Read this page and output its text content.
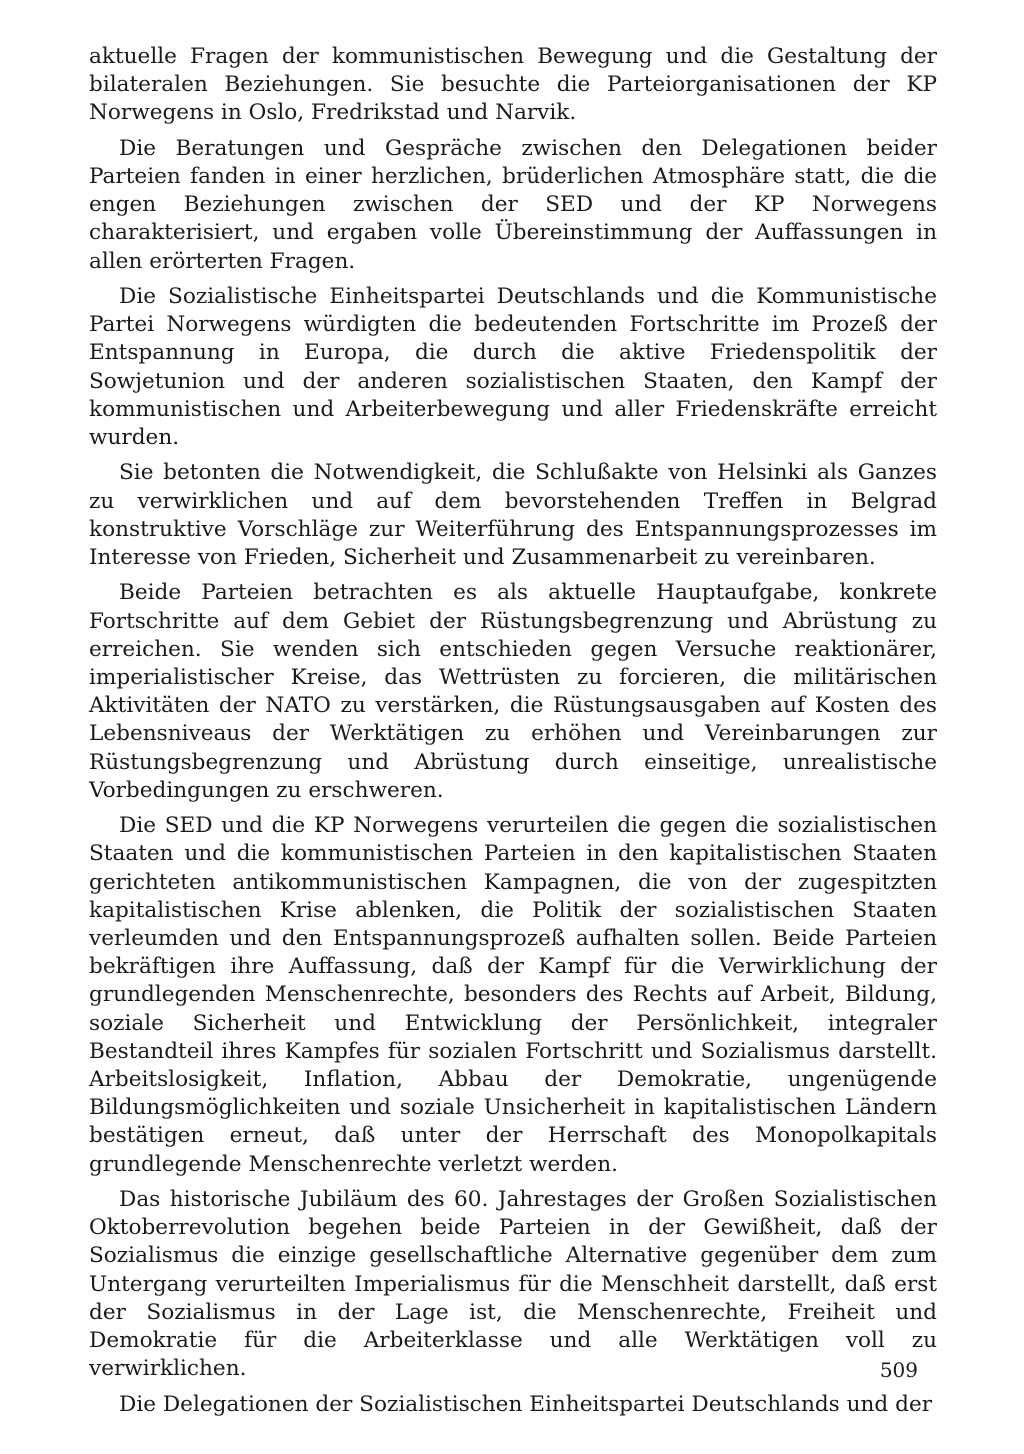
aktuelle Fragen der kommunistischen Bewegung und die Gestaltung der bilateralen Beziehungen. Sie besuchte die Parteiorganisationen der KP Norwegens in Oslo, Fredrikstad und Narvik.

Die Beratungen und Gespräche zwischen den Delegationen beider Parteien fanden in einer herzlichen, brüderlichen Atmosphäre statt, die die engen Beziehungen zwischen der SED und der KP Norwegens charakterisiert, und ergaben volle Übereinstimmung der Auffassungen in allen erörterten Fragen.

Die Sozialistische Einheitspartei Deutschlands und die Kommunistische Partei Norwegens würdigten die bedeutenden Fortschritte im Prozeß der Entspannung in Europa, die durch die aktive Friedenspolitik der Sowjetunion und der anderen sozialistischen Staaten, den Kampf der kommunistischen und Arbeiterbewegung und aller Friedenskräfte erreicht wurden.

Sie betonten die Notwendigkeit, die Schlußakte von Helsinki als Ganzes zu verwirklichen und auf dem bevorstehenden Treffen in Belgrad konstruktive Vorschläge zur Weiterführung des Entspannungsprozesses im Interesse von Frieden, Sicherheit und Zusammenarbeit zu vereinbaren.

Beide Parteien betrachten es als aktuelle Hauptaufgabe, konkrete Fortschritte auf dem Gebiet der Rüstungsbegrenzung und Abrüstung zu erreichen. Sie wenden sich entschieden gegen Versuche reaktionärer, imperialistischer Kreise, das Wettrüsten zu forcieren, die militärischen Aktivitäten der NATO zu verstärken, die Rüstungsausgaben auf Kosten des Lebensniveaus der Werktätigen zu erhöhen und Vereinbarungen zur Rüstungsbegrenzung und Abrüstung durch einseitige, unrealistische Vorbedingungen zu erschweren.

Die SED und die KP Norwegens verurteilen die gegen die sozialistischen Staaten und die kommunistischen Parteien in den kapitalistischen Staaten gerichteten antikommunistischen Kampagnen, die von der zugespitzten kapitalistischen Krise ablenken, die Politik der sozialistischen Staaten verleumden und den Entspannungsprozeß aufhalten sollen. Beide Parteien bekräftigen ihre Auffassung, daß der Kampf für die Verwirklichung der grundlegenden Menschenrechte, besonders des Rechts auf Arbeit, Bildung, soziale Sicherheit und Entwicklung der Persönlichkeit, integraler Bestandteil ihres Kampfes für sozialen Fortschritt und Sozialismus darstellt. Arbeitslosigkeit, Inflation, Abbau der Demokratie, ungenügende Bildungsmöglichkeiten und soziale Unsicherheit in kapitalistischen Ländern bestätigen erneut, daß unter der Herrschaft des Monopolkapitals grundlegende Menschenrechte verletzt werden.

Das historische Jubiläum des 60. Jahrestages der Großen Sozialistischen Oktoberrevolution begehen beide Parteien in der Gewißheit, daß der Sozialismus die einzige gesellschaftliche Alternative gegenüber dem zum Untergang verurteilten Imperialismus für die Menschheit darstellt, daß erst der Sozialismus in der Lage ist, die Menschenrechte, Freiheit und Demokratie für die Arbeiterklasse und alle Werktätigen voll zu verwirklichen.

Die Delegationen der Sozialistischen Einheitspartei Deutschlands und der

509
